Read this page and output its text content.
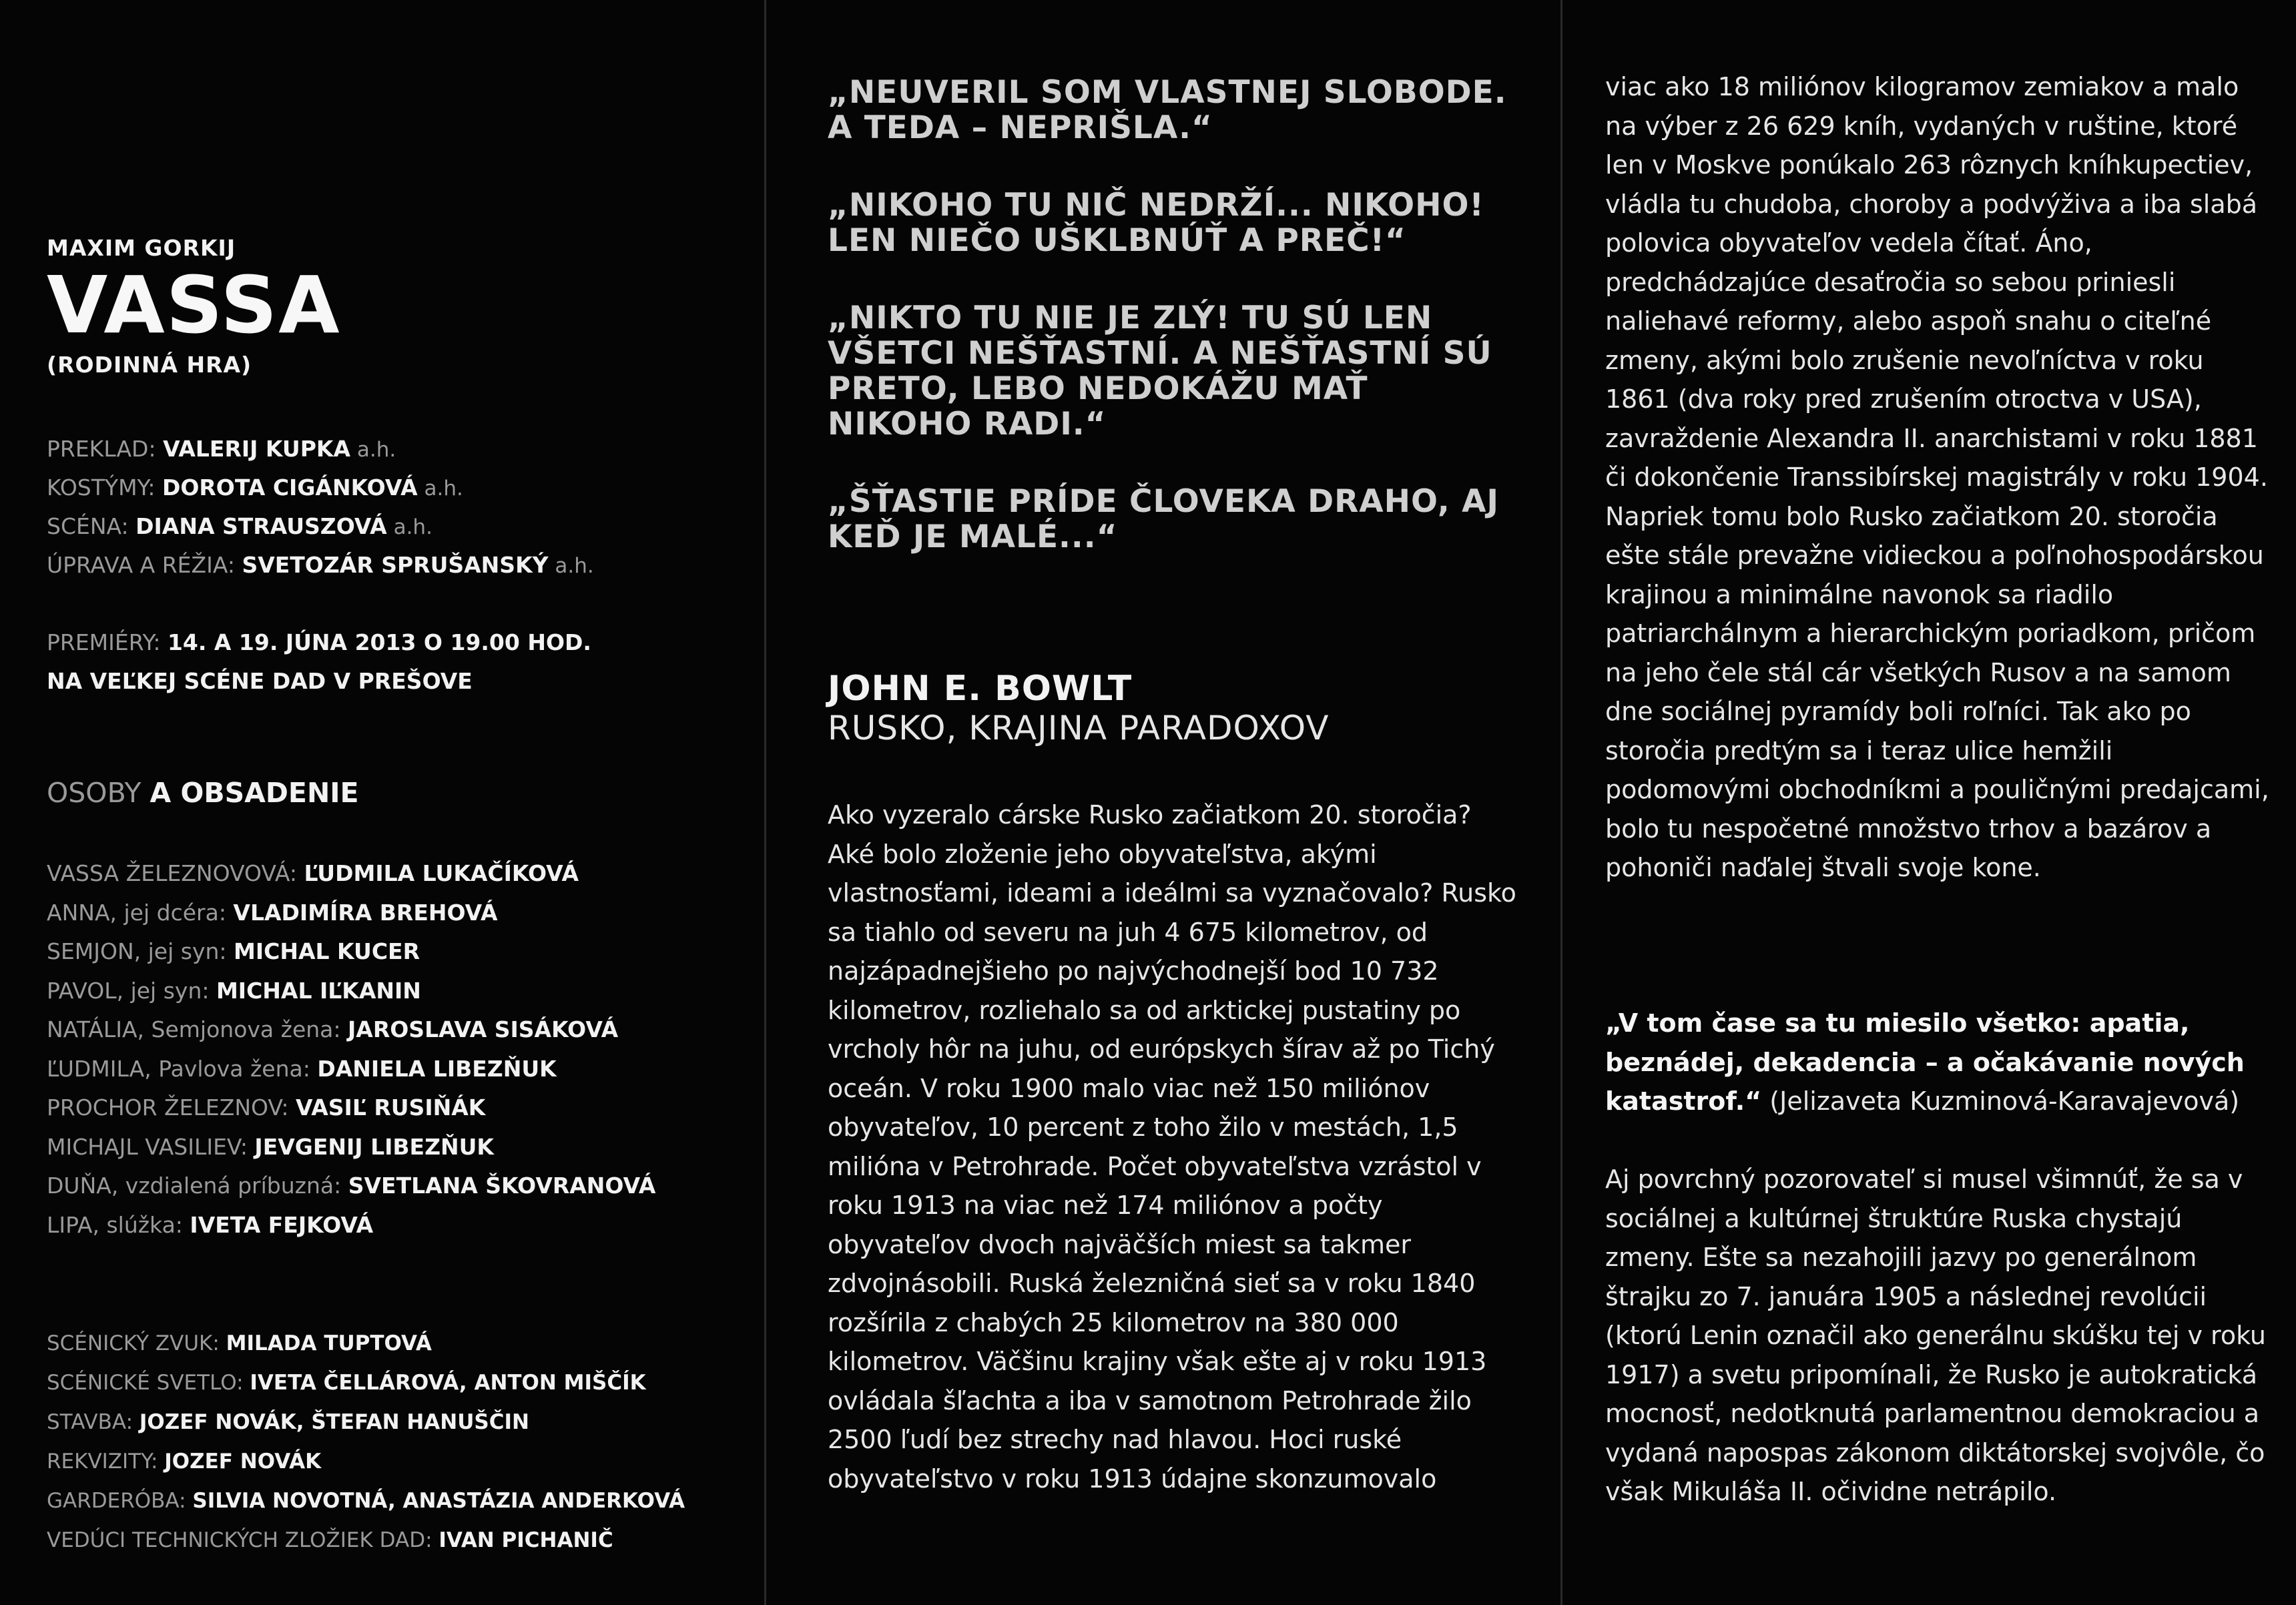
MAXIM GORKIJ
VASSA
(RODINNÁ HRA)
PREKLAD: VALERIJ KUPKA a.h.
KOSTÝMY: DOROTA CIGÁNKOVÁ a.h.
SCÉNA: DIANA STRAUSZOVÁ a.h.
ÚPRAVA A RÉŽIA: SVETOZÁR SPRUŠANSKÝ a.h.
PREMIÉRY: 14. A 19. JÚNA 2013 O 19.00 HOD.
NA VEĽKEJ SCÉNE DAD V PREŠOVE
OSOBY A OBSADENIE
VASSA ŽELEZNOVOVÁ: ĽUDMILA LUKAČÍKOVÁ
ANNA, jej dcéra: VLADIMÍRA BREHOVÁ
SEMJON, jej syn: MICHAL KUCER
PAVOL, jej syn: MICHAL IĽKANIN
NATÁLIA, Semjonova žena: JAROSLAVA SISÁKOVÁ
ĽUDMILA, Pavlova žena: DANIELA LIBEZŇUK
PROCHOR ŽELEZNOV: VASIĽ RUSIŇÁK
MICHAJL VASILIEV: JEVGENIJ LIBEZŇUK
DUŇA, vzdialená príbuzná: SVETLANA ŠKOVRANOVÁ
LIPA, slúžka: IVETA FEJKOVÁ
SCÉNICKÝ ZVUK: MILADA TUPTOVÁ
SCÉNICKÉ SVETLO: IVETA ČELLÁROVÁ, ANTON MIŠČÍK
STAVBA: JOZEF NOVÁK, ŠTEFAN HANUŠČIN
REKVIZITY: JOZEF NOVÁK
GARDERÓBA: SILVIA NOVOTNÁ, ANASTÁZIA ANDERKOVÁ
VEDÚCI TECHNICKÝCH ZLOŽIEK DAD: IVAN PICHANIČ
„NEUVERIL SOM VLASTNEJ SLOBODE. A TEDA – NEPRIŠLA.“
„NIKOHO TU NIČ NEDRŽÍ... NIKOHO! LEN NIEČO UŠKLBNÚŤ A PREČ!“
„NIKTO TU NIE JE ZLÝ! TU SÚ LEN VŠETCI NEŠŤASTNÍ. A NEŠŤASTNÍ SÚ PRETO, LEBO NEDOKÁŽU MAŤ NIKOHO RADI.“
„ŠŤASTIE PRÍDE ČLOVEKA DRAHO, AJ KEĎ JE MALÉ...“
JOHN E. BOWLT
RUSKO, KRAJINA PARADOXOV

Ako vyzeralo cárske Rusko začiatkom 20. storočia? Aké bolo zloženie jeho obyvateľstva, akými vlastnosťami, ideami a ideálmi sa vyznačovalo? Rusko sa tiahlo od severu na juh 4 675 kilometrov, od najzápadnejšieho po najvýchodnejší bod 10 732 kilometrov, rozliehalo sa od arktickej pustatiny po vrcholy hôr na juhu, od európskych šírav až po Tichý oceán. V roku 1900 malo viac než 150 miliónov obyvateľov, 10 percent z toho žilo v mestách, 1,5 milióna v Petrohrade. Počet obyvateľstva vzrástol v roku 1913 na viac než 174 miliónov a počty obyvateľov dvoch najväčších miest sa takmer zdvojnásobili. Ruská železničná sieť sa v roku 1840 rozšírila z chabých 25 kilometrov na 380 000 kilometrov. Väčšinu krajiny však ešte aj v roku 1913 ovládala šľachta a iba v samotnom Petrohrade žilo 2500 ľudí bez strechy nad hlavou. Hoci ruské obyvateľstvo v roku 1913 údajne skonzumovalo

viac ako 18 miliónov kilogramov zemiakov a malo na výber z 26 629 kníh, vydaných v ruštine, ktoré len v Moskve ponúkalo 263 rôznych kníhkupectiev, vládla tu chudoba, choroby a podvýživa a iba slabá polovica obyvateľov vedela čítať. Áno, predchádzajúce desaťročia so sebou priniesli naliehavé reformy, alebo aspoň snahu o citeľné zmeny, akými bolo zrušenie nevoľníctva v roku 1861 (dva roky pred zrušením otroctva v USA), zavraždenie Alexandra II. anarchistami v roku 1881 či dokončenie Transsibírskej magistrály v roku 1904. Napriek tomu bolo Rusko začiatkom 20. storočia ešte stále prevažne vidieckou a poľnohospodárskou krajinou a minimálne navonok sa riadilo patriarchálnym a hierarchickým poriadkom, pričom na jeho čele stál cár všetkých Rusov a na samom dne sociálnej pyramídy boli roľníci. Tak ako po storočia predtým sa i teraz ulice hemžili podomovými obchodníkmi a pouličnými predajcami, bolo tu nespočetné množstvo trhov a bazárov a pohoniči naďalej štvali svoje kone.

„V tom čase sa tu miesilo všetko: apatia, beznádej, dekadencia – a očakávanie nových katastrof.“ (Jelizaveta Kuzminová-Karavajevová)

Aj povrchný pozorovateľ si musel všimnúť, že sa v sociálnej a kultúrnej štruktúre Ruska chystajú zmeny. Ešte sa nezahojili jazvy po generálnom štrajku zo 7. januára 1905 a následnej revolúcii (ktorú Lenin označil ako generálnu skúšku tej v roku 1917) a svetu pripomínali, že Rusko je autokratická mocnosť, nedotknutá parlamentnou demokraciou a vydaná napospas zákonom diktátorskej svojvôle, čo však Mikuláša II. očividne netrápilo.
